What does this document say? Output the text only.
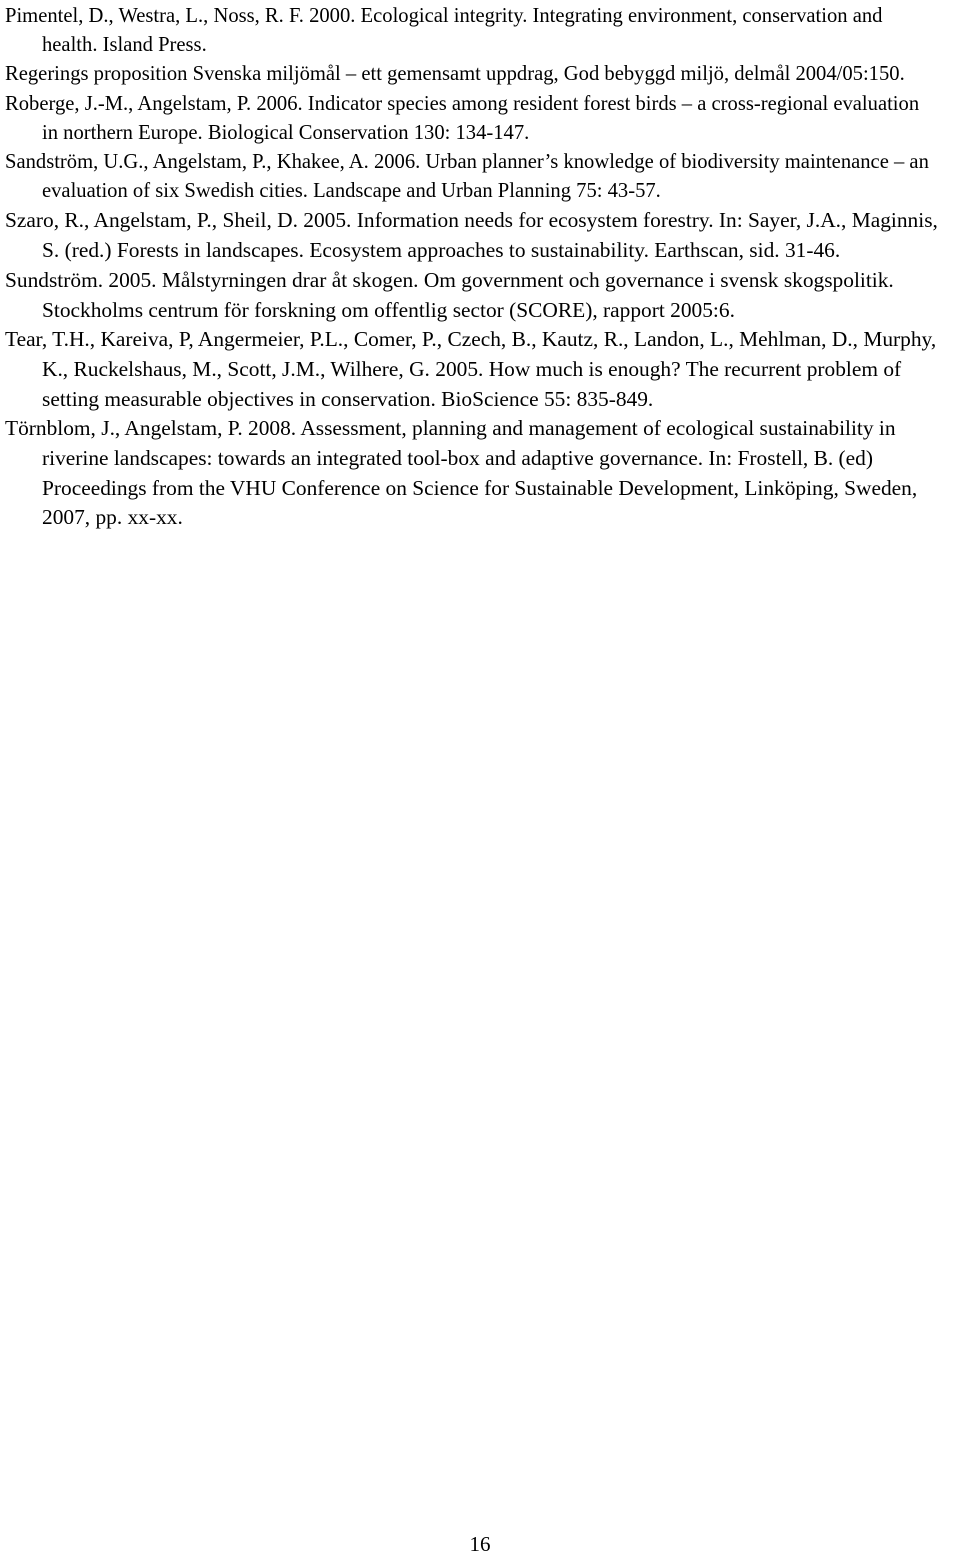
Pimentel, D., Westra, L., Noss, R. F. 2000. Ecological integrity. Integrating environment, conservation and health. Island Press.
Regerings proposition Svenska miljömål – ett gemensamt uppdrag, God bebyggd miljö, delmål 2004/05:150.
Roberge, J.-M., Angelstam, P. 2006. Indicator species among resident forest birds – a cross-regional evaluation in northern Europe. Biological Conservation 130: 134-147.
Sandström, U.G., Angelstam, P., Khakee, A. 2006. Urban planner’s knowledge of biodiversity maintenance – an evaluation of six Swedish cities. Landscape and Urban Planning 75: 43-57.
Szaro, R., Angelstam, P., Sheil, D. 2005. Information needs for ecosystem forestry. In: Sayer, J.A., Maginnis, S. (red.) Forests in landscapes. Ecosystem approaches to sustainability. Earthscan, sid. 31-46.
Sundström. 2005. Målstyrningen drar åt skogen. Om government och governance i svensk skogspolitik. Stockholms centrum för forskning om offentlig sector (SCORE), rapport 2005:6.
Tear, T.H., Kareiva, P, Angermeier, P.L., Comer, P., Czech, B., Kautz, R., Landon, L., Mehlman, D., Murphy, K., Ruckelshaus, M., Scott, J.M., Wilhere, G. 2005. How much is enough? The recurrent problem of setting measurable objectives in conservation. BioScience 55: 835-849.
Törnblom, J., Angelstam, P. 2008. Assessment, planning and management of ecological sustainability in riverine landscapes: towards an integrated tool-box and adaptive governance. In: Frostell, B. (ed) Proceedings from the VHU Conference on Science for Sustainable Development, Linköping, Sweden, 2007, pp. xx-xx.
16
